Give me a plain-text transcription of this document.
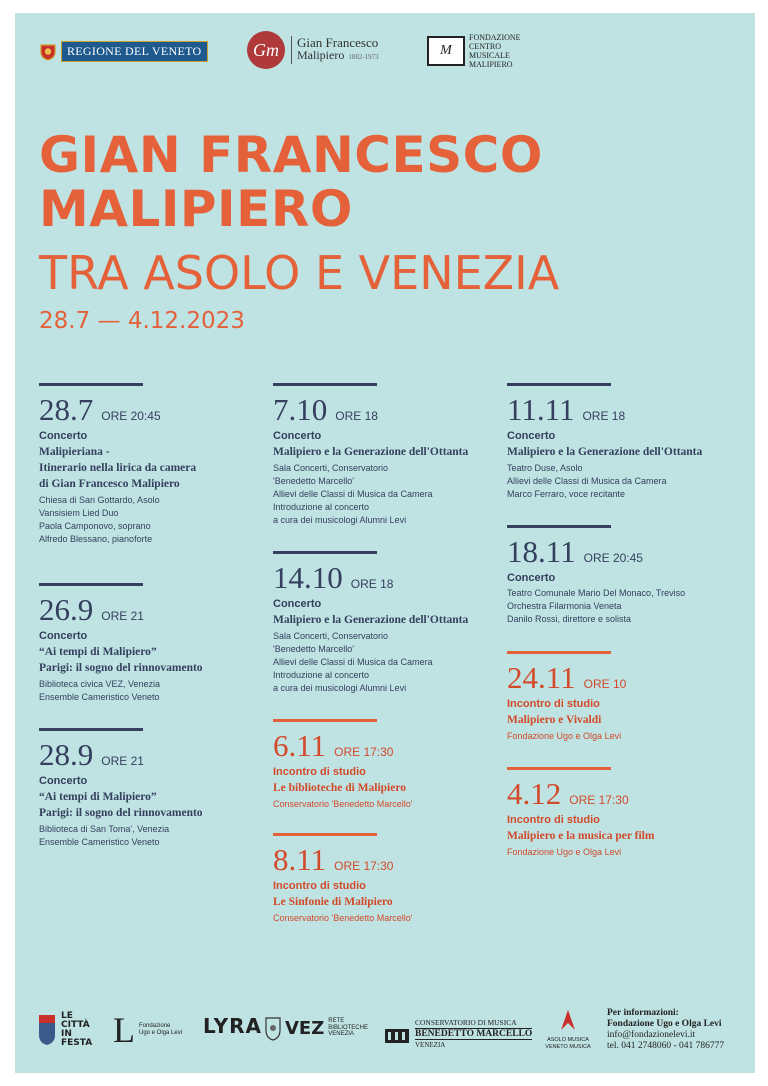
REGIONE DEL VENETO	Gm	Gian Francesco
Malipiero 1882-1973	M
FONDAZIONE
CENTRO
MUSICALE
MALIPIERO
GIAN FRANCESCO
MALIPIERO
TRA ASOLO E VENEZIA
28.7 — 4.12.2023
28.7 ORE 20:45
Concerto
Malipieriana -
Itinerario nella lirica da camera
di Gian Francesco Malipiero
Chiesa di San Gottardo, Asolo
Vansisiem Lied Duo
Paola Camponovo, soprano
Alfredo Blessano, pianoforte
26.9 ORE 21
Concerto
“Ai tempi di Malipiero”
Parigi: il sogno del rinnovamento
Biblioteca civica VEZ, Venezia
Ensemble Cameristico Veneto
28.9 ORE 21
Concerto
“Ai tempi di Malipiero”
Parigi: il sogno del rinnovamento
Biblioteca di San Toma', Venezia
Ensemble Cameristico Veneto
7.10 ORE 18
Concerto
Malipiero e la Generazione dell'Ottanta
Sala Concerti, Conservatorio
'Benedetto Marcello'
Allievi delle Classi di Musica da Camera
Introduzione al concerto
a cura dei musicologi Alumni Levi
14.10 ORE 18
Concerto
Malipiero e la Generazione dell'Ottanta
Sala Concerti, Conservatorio
'Benedetto Marcello'
Allievi delle Classi di Musica da Camera
Introduzione al concerto
a cura dei musicologi Alumni Levi
6.11 ORE 17:30
Incontro di studio
Le biblioteche di Malipiero
Conservatorio 'Benedetto Marcello'
8.11 ORE 17:30
Incontro di studio
Le Sinfonie di Malipiero
Conservatorio 'Benedetto Marcello'
11.11 ORE 18
Concerto
Malipiero e la Generazione dell'Ottanta
Teatro Duse, Asolo
Allievi delle Classi di Musica da Camera
Marco Ferraro, voce recitante
18.11 ORE 20:45
Concerto
Teatro Comunale Mario Del Monaco, Treviso
Orchestra Filarmonia Veneta
Danilo Rossi, direttore e solista
24.11 ORE 10
Incontro di studio
Malipiero e Vivaldi
Fondazione Ugo e Olga Levi
4.12 ORE 17:30
Incontro di studio
Malipiero e la musica per film
Fondazione Ugo e Olga Levi
LE
CITTÀ
IN
FESTA L Fondazione
Ugo e Olga Levi LYRA VEZ RETE
BIBLIOTECHE
VENEZIA
CONSERVATORIO DI MUSICA
BENEDETTO MARCELLO
VENEZIA
ASOLO MUSICA
VENETO MUSICA
Per informazioni:
Fondazione Ugo e Olga Levi
info@fondazionelevi.it
tel. 041 2748060 - 041 786777
